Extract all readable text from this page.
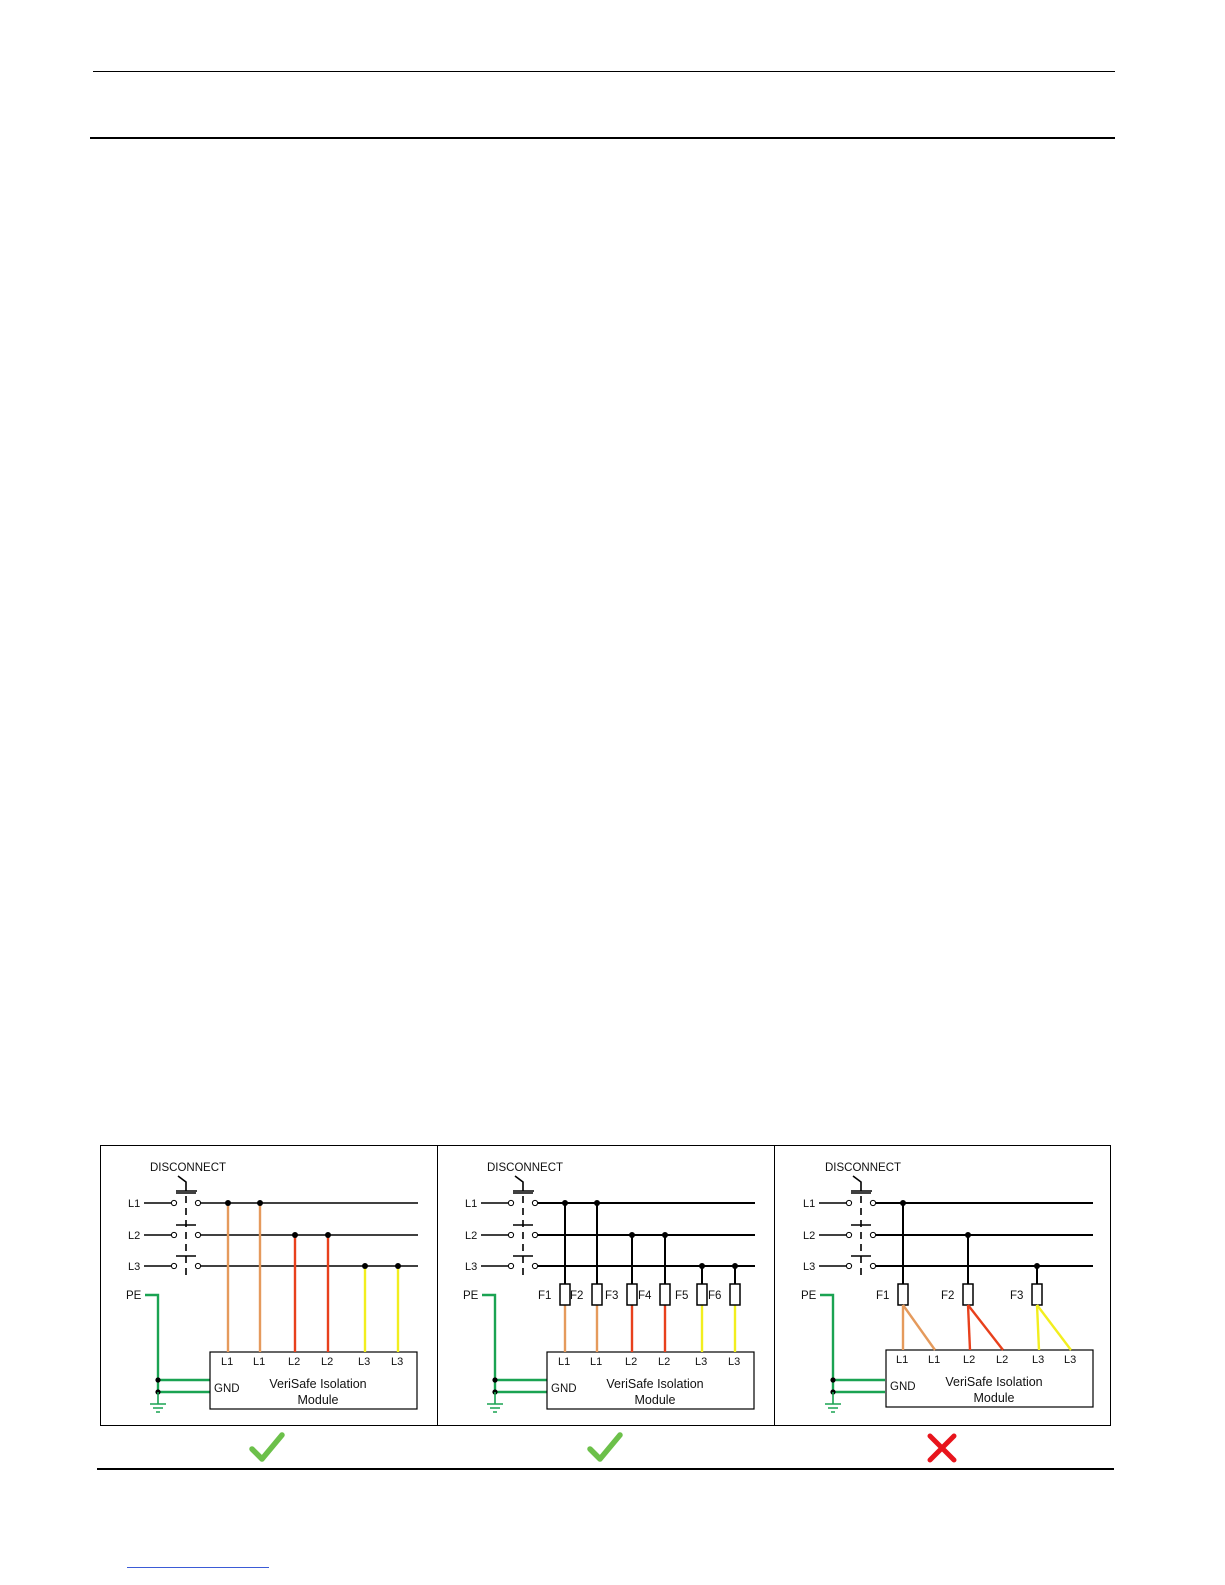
DISCONNECT
L1
L2
L3
PE
GND VeriSafe Isolation
Module
L1 L1 L2 L2 L3 L3
DISCONNECT
L1
L2
L3
PE
GND VeriSafe Isolation
Module
L1 L1 L2 L2 L3 L3
F1 F2 F3 F4 F5 F6
DISCONNECT
L1
L2
L3
PE
GND VeriSafe Isolation
Module
L1 L1 L2 L2 L3 L3
F1	F2	F3
